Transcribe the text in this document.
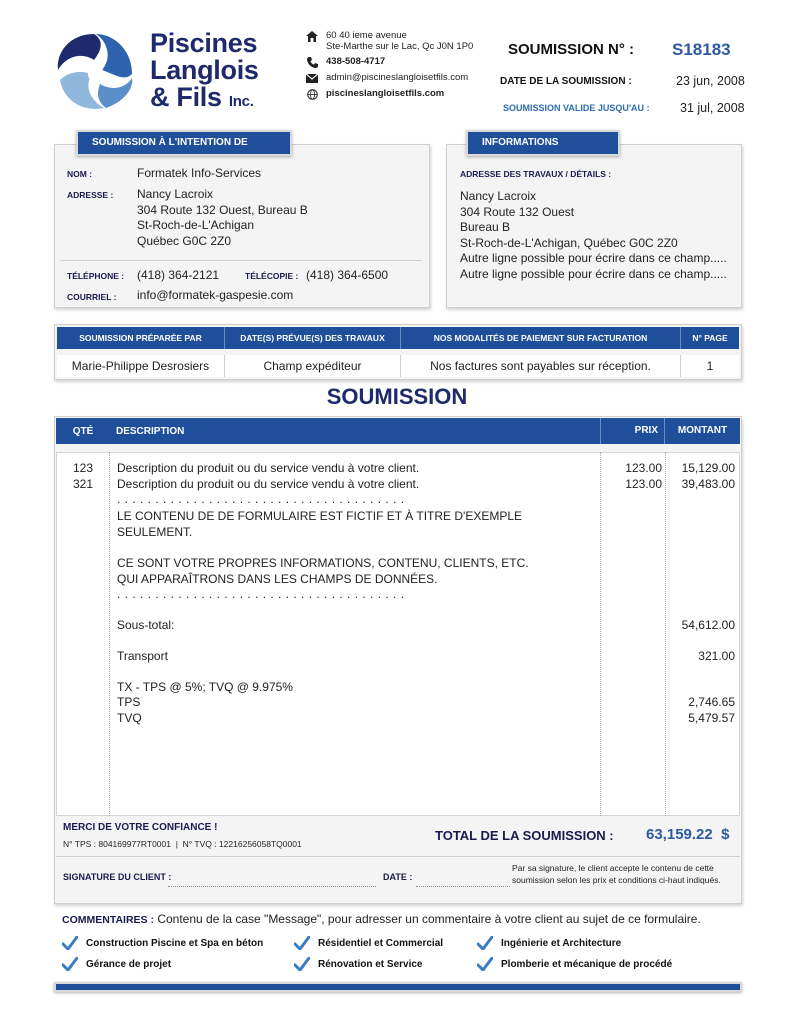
Piscines
Langlois
& Fils Inc.
60 40 ieme avenue
Ste-Marthe sur le Lac, Qc J0N 1P0
438-508-4717
admin@piscineslangloisetfils.com
piscineslangloisetfils.com
SOUMISSION N° : S18183
DATE DE LA SOUMISSION :	23 jun, 2008
SOUMISSION VALIDE JUSQU'AU : 31 jul, 2008
SOUMISSION À L'INTENTION DE
NOM :	Formatek Info-Services
ADRESSE : Nancy Lacroix
304 Route 132 Ouest, Bureau B
St-Roch-de-L'Achigan
Québec G0C 2Z0
TÉLÉPHONE : (418) 364-2121	TÉLÉCOPIE : (418) 364-6500
COURRIEL : info@formatek-gaspesie.com
INFORMATIONS
ADRESSE DES TRAVAUX / DÉTAILS :
Nancy Lacroix
304 Route 132 Ouest
Bureau B
St-Roch-de-L'Achigan, Québec G0C 2Z0
Autre ligne possible pour écrire dans ce champ.....
Autre ligne possible pour écrire dans ce champ.....
SOUMISSION PRÉPARÉE PAR	DATE(S) PRÉVUE(S) DES TRAVAUX	NOS MODALITÉS DE PAIEMENT SUR FACTURATION	N° PAGE
Marie-Philippe Desrosiers	Champ expéditeur	Nos factures sont payables sur réception.	1
SOUMISSION
QTÉ	DESCRIPTION	PRIX	MONTANT
123	Description du produit ou du service vendu à votre client.	123.00	15,129.00
321	Description du produit ou du service vendu à votre client.	123.00	39,483.00
. . . . . . . . . . . . . . . . . . . . . . . . . . . . . . . . . . . . . .
LE CONTENU DE DE FORMULAIRE EST FICTIF ET À TITRE D'EXEMPLE
SEULEMENT.
CE SONT VOTRE PROPRES INFORMATIONS, CONTENU, CLIENTS, ETC.
QUI APPARAÎTRONS DANS LES CHAMPS DE DONNÉES.
. . . . . . . . . . . . . . . . . . . . . . . . . . . . . . . . . . . . . .
Sous-total:	54,612.00
Transport	321.00
TX - TPS @ 5%; TVQ @ 9.975%
TPS	2,746.65
TVQ	5,479.57
MERCI DE VOTRE CONFIANCE !
N° TPS : 804169977RT0001  |  N° TVQ : 12216256058TQ0001
TOTAL DE LA SOUMISSION : 63,159.22  $
SIGNATURE DU CLIENT :	DATE :
Par sa signature, le client accepte le contenu de cette
soumission selon les prix et conditions ci-haut indiqués.
COMMENTAIRES : Contenu de la case "Message", pour adresser un commentaire à votre client au sujet de ce formulaire.
Construction Piscine et Spa en béton	Résidentiel et Commercial	Ingénierie et Architecture
Gérance de projet	Rénovation et Service	Plomberie et mécanique de procédé
